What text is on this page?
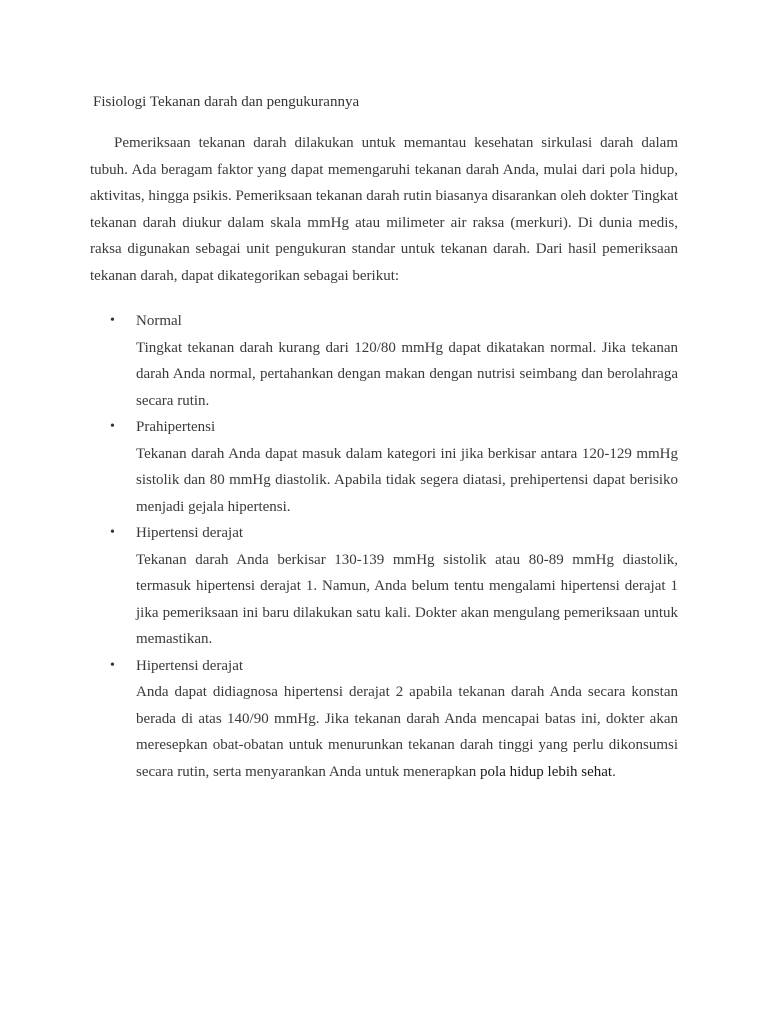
Fisiologi Tekanan darah dan pengukurannya

Pemeriksaan tekanan darah dilakukan untuk memantau kesehatan sirkulasi darah dalam tubuh. Ada beragam faktor yang dapat memengaruhi tekanan darah Anda, mulai dari pola hidup, aktivitas, hingga psikis. Pemeriksaan tekanan darah rutin biasanya disarankan oleh dokter Tingkat tekanan darah diukur dalam skala mmHg atau milimeter air raksa (merkuri). Di dunia medis, raksa digunakan sebagai unit pengukuran standar untuk tekanan darah. Dari hasil pemeriksaan tekanan darah, dapat dikategorikan sebagai berikut:

• Normal

Tingkat tekanan darah kurang dari 120/80 mmHg dapat dikatakan normal. Jika tekanan darah Anda normal, pertahankan dengan makan dengan nutrisi seimbang dan berolahraga secara rutin.

• Prahipertensi

Tekanan darah Anda dapat masuk dalam kategori ini jika berkisar antara 120-129 mmHg sistolik dan 80 mmHg diastolik. Apabila tidak segera diatasi, prehipertensi dapat berisiko menjadi gejala hipertensi.

• Hipertensi derajat

Tekanan darah Anda berkisar 130-139 mmHg sistolik atau 80-89 mmHg diastolik, termasuk hipertensi derajat 1. Namun, Anda belum tentu mengalami hipertensi derajat 1 jika pemeriksaan ini baru dilakukan satu kali. Dokter akan mengulang pemeriksaan untuk memastikan.

• Hipertensi derajat

Anda dapat didiagnosa hipertensi derajat 2 apabila tekanan darah Anda secara konstan berada di atas 140/90 mmHg. Jika tekanan darah Anda mencapai batas ini, dokter akan meresepkan obat-obatan untuk menurunkan tekanan darah tinggi yang perlu dikonsumsi secara rutin, serta menyarankan Anda untuk menerapkan pola hidup lebih sehat.
